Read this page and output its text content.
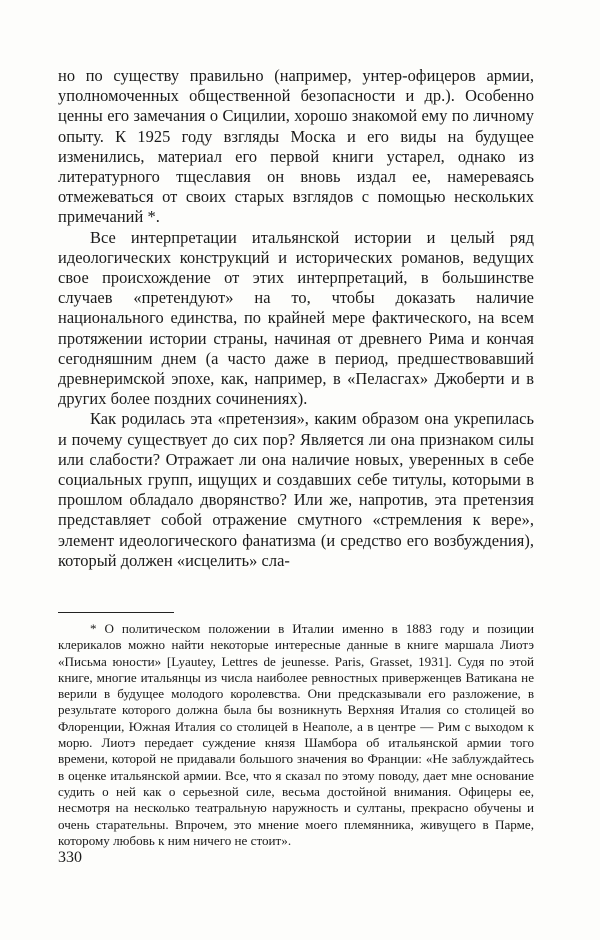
но по существу правильно (например, унтер-офицеров армии, уполномоченных общественной безопасности и др.). Особенно ценны его замечания о Сицилии, хорошо знакомой ему по личному опыту. К 1925 году взгляды Моска и его виды на будущее изменились, материал его первой книги устарел, однако из литературного тщеславия он вновь издал ее, намереваясь отмежеваться от своих старых взглядов с помощью нескольких примечаний *.

Все интерпретации итальянской истории и целый ряд идеологических конструкций и исторических романов, ведущих свое происхождение от этих интерпретаций, в большинстве случаев «претендуют» на то, чтобы доказать наличие национального единства, по крайней мере фактического, на всем протяжении истории страны, начиная от древнего Рима и кончая сегодняшним днем (а часто даже в период, предшествовавший древнеримской эпохе, как, например, в «Пеласгах» Джоберти и в других более поздних сочинениях).

Как родилась эта «претензия», каким образом она укрепилась и почему существует до сих пор? Является ли она признаком силы или слабости? Отражает ли она наличие новых, уверенных в себе социальных групп, ищущих и создавших себе титулы, которыми в прошлом обладало дворянство? Или же, напротив, эта претензия представляет собой отражение смутного «стремления к вере», элемент идеологического фанатизма (и средство его возбуждения), который должен «исцелить» сла-

* О политическом положении в Италии именно в 1883 году и позиции клерикалов можно найти некоторые интересные данные в книге маршала Лиотэ «Письма юности» [Lyautey, Lettres de jeunesse. Paris, Grasset, 1931]. Судя по этой книге, многие итальянцы из числа наиболее ревностных приверженцев Ватикана не верили в будущее молодого королевства. Они предсказывали его разложение, в результате которого должна была бы возникнуть Верхняя Италия со столицей во Флоренции, Южная Италия со столицей в Неаполе, а в центре — Рим с выходом к морю. Лиотэ передает суждение князя Шамбора об итальянской армии того времени, которой не придавали большого значения во Франции: «Не заблуждайтесь в оценке итальянской армии. Все, что я сказал по этому поводу, дает мне основание судить о ней как о серьезной силе, весьма достойной внимания. Офицеры ее, несмотря на несколько театральную наружность и султаны, прекрасно обучены и очень старательны. Впрочем, это мнение моего племянника, живущего в Парме, которому любовь к ним ничего не стоит».

330
